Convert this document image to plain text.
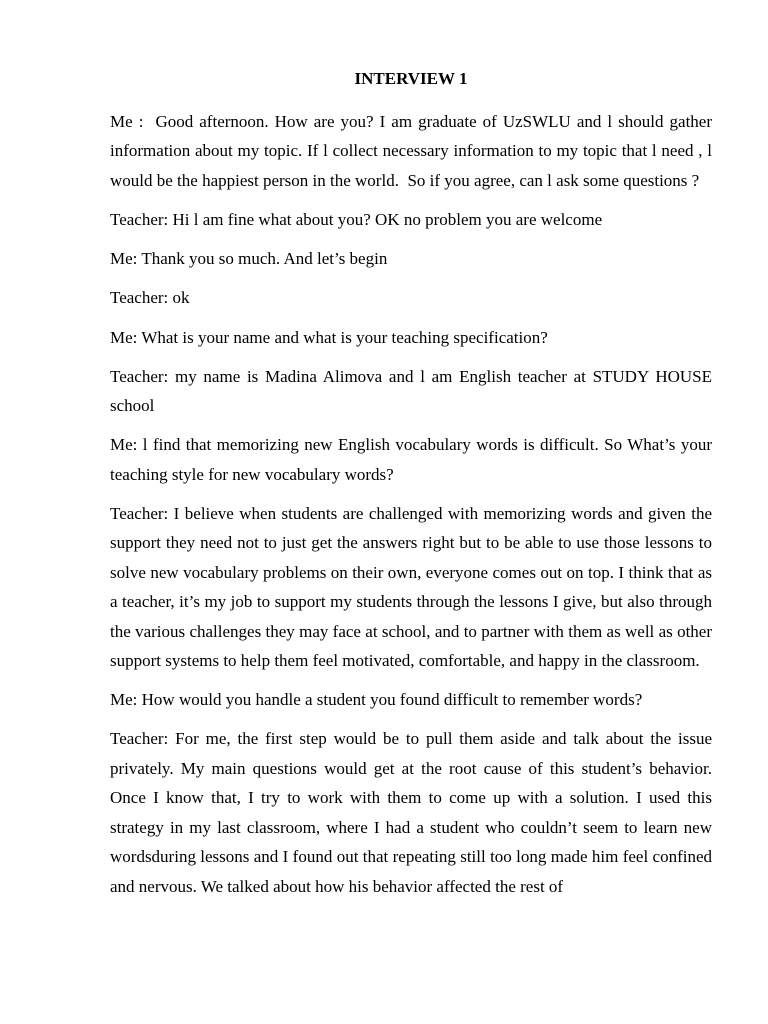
INTERVIEW 1

Me :  Good afternoon. How are you? I am graduate of UzSWLU and l should gather information about my topic. If l collect necessary information to my topic that l need , l would be the happiest person in the world.  So if you agree, can l ask some questions ?

Teacher: Hi l am fine what about you? OK no problem you are welcome

Me: Thank you so much. And let’s begin

Teacher: ok

Me: What is your name and what is your teaching specification?

Teacher: my name is Madina Alimova and l am English teacher at STUDY HOUSE school

Me: l find that memorizing new English vocabulary words is difficult. So What’s your teaching style for new vocabulary words?

Teacher: I believe when students are challenged with memorizing words and given the support they need not to just get the answers right but to be able to use those lessons to solve new vocabulary problems on their own, everyone comes out on top. I think that as a teacher, it’s my job to support my students through the lessons I give, but also through the various challenges they may face at school, and to partner with them as well as other support systems to help them feel motivated, comfortable, and happy in the classroom.

Me: How would you handle a student you found difficult to remember words?

Teacher: For me, the first step would be to pull them aside and talk about the issue privately. My main questions would get at the root cause of this student’s behavior. Once I know that, I try to work with them to come up with a solution. I used this strategy in my last classroom, where I had a student who couldn’t seem to learn new wordsduring lessons and I found out that repeating still too long made him feel confined and nervous. We talked about how his behavior affected the rest of
